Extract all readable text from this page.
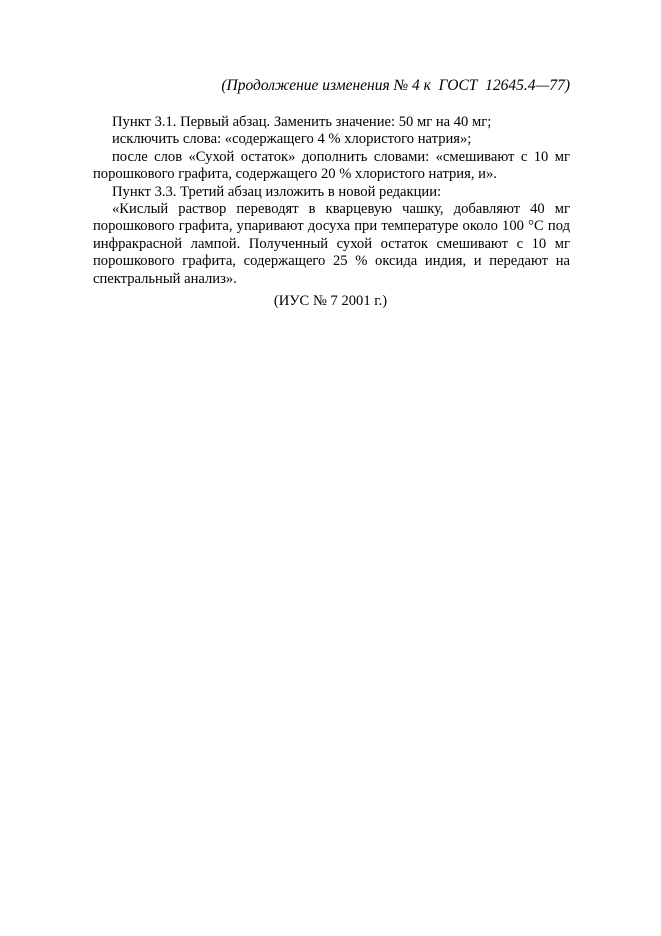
(Продолжение изменения № 4 к  ГОСТ  12645.4—77)

Пункт 3.1. Первый абзац. Заменить значение: 50 мг на 40 мг;

исключить слова: «содержащего 4 % хлористого натрия»;

после слов «Сухой остаток» дополнить словами: «смешивают с 10 мг порошкового графита, содержащего 20 % хлористого натрия, и».

Пункт 3.3. Третий абзац изложить в новой редакции:

«Кислый раствор переводят в кварцевую чашку, добавляют 40 мг порошкового графита, упаривают досуха при температуре около 100 °С под инфракрасной лампой. Полученный сухой остаток смешивают с 10 мг порошкового графита, содержащего 25 % оксида индия, и передают на спектральный анализ».

(ИУС № 7 2001 г.)
